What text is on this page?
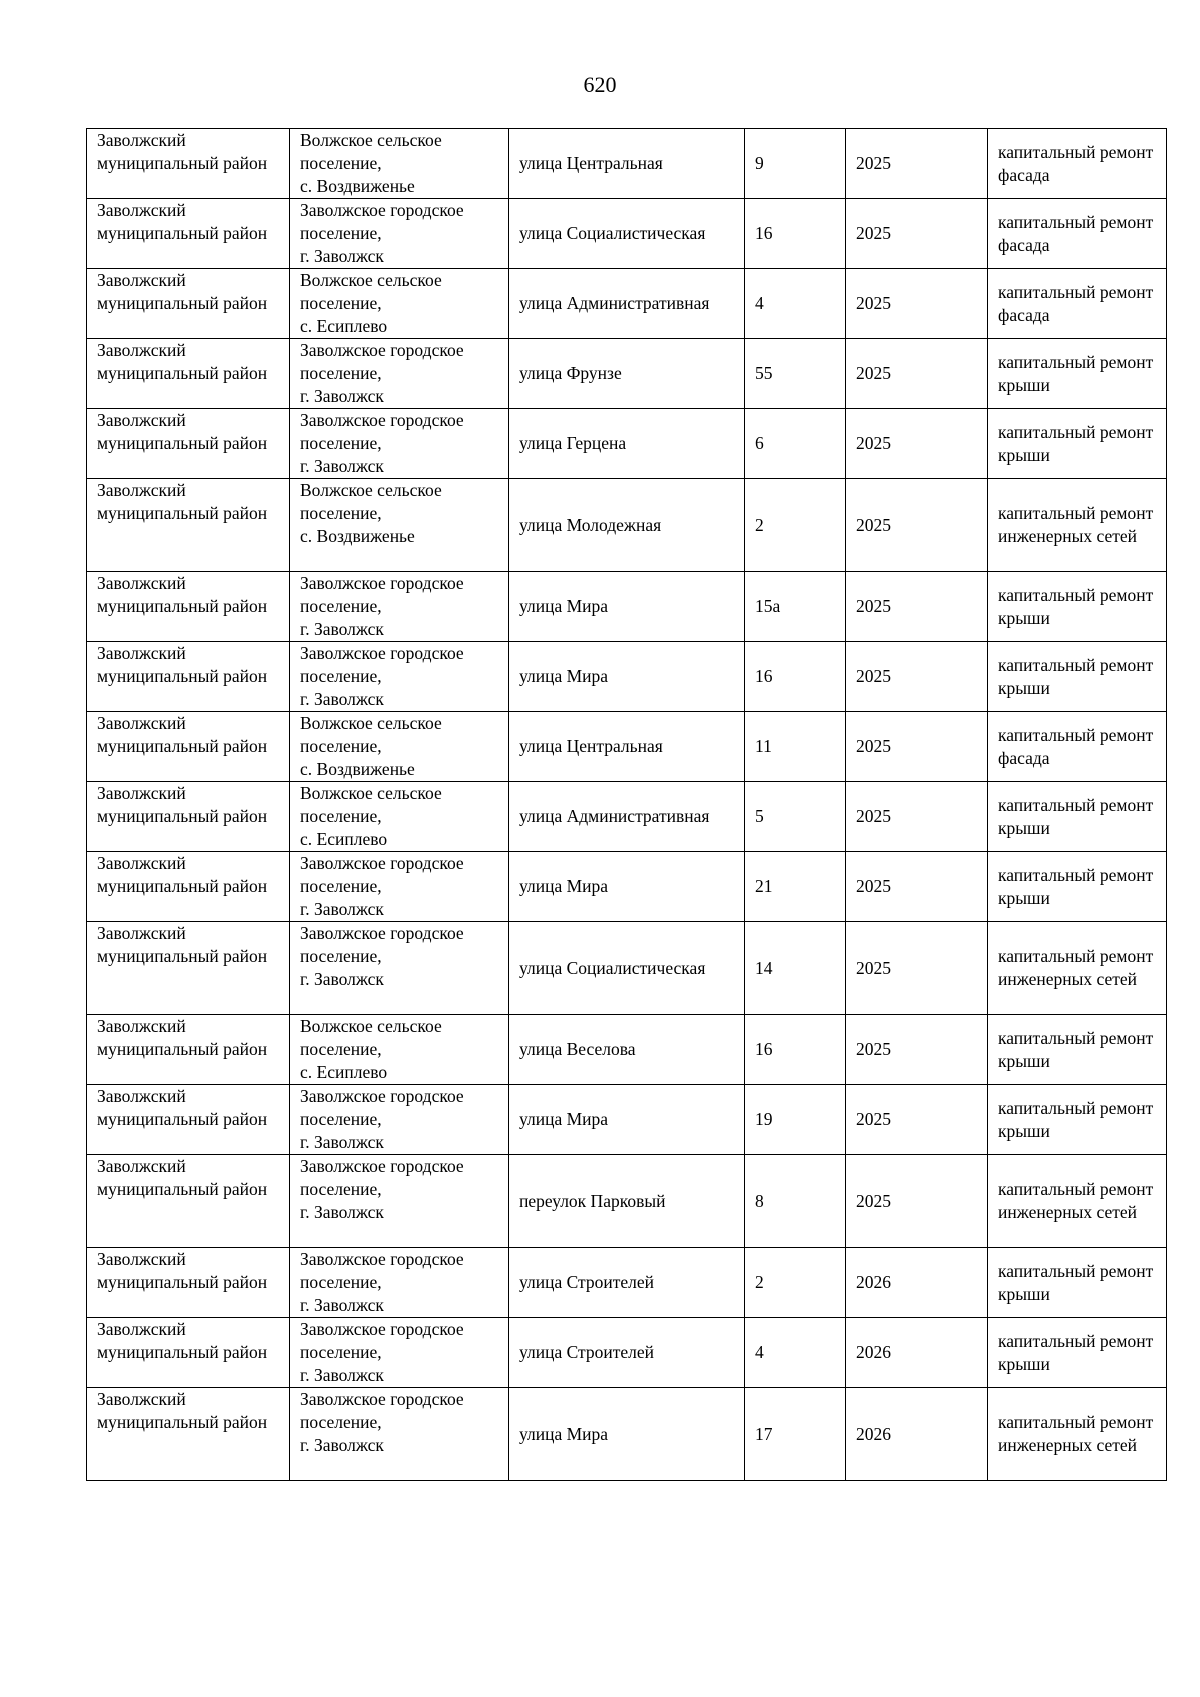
620
Заволжский муниципальный район	Волжское сельское поселение,
с. Воздвиженье	улица Центральная	9	2025	капитальный ремонт фасада
Заволжский муниципальный район	Заволжское городское поселение,
г. Заволжск	улица Социалистическая	16	2025	капитальный ремонт фасада
Заволжский муниципальный район	Волжское сельское поселение,
с. Есиплево	улица Административная	4	2025	капитальный ремонт фасада
Заволжский муниципальный район	Заволжское городское поселение,
г. Заволжск	улица Фрунзе	55	2025	капитальный ремонт крыши
Заволжский муниципальный район	Заволжское городское поселение,
г. Заволжск	улица Герцена	6	2025	капитальный ремонт крыши
Заволжский муниципальный район	Волжское сельское поселение,
с. Воздвиженье	улица Молодежная	2	2025	капитальный ремонт инженерных сетей
Заволжский муниципальный район	Заволжское городское поселение,
г. Заволжск	улица Мира	15а	2025	капитальный ремонт крыши
Заволжский муниципальный район	Заволжское городское поселение,
г. Заволжск	улица Мира	16	2025	капитальный ремонт крыши
Заволжский муниципальный район	Волжское сельское поселение,
с. Воздвиженье	улица Центральная	11	2025	капитальный ремонт фасада
Заволжский муниципальный район	Волжское сельское поселение,
с. Есиплево	улица Административная	5	2025	капитальный ремонт крыши
Заволжский муниципальный район	Заволжское городское поселение,
г. Заволжск	улица Мира	21	2025	капитальный ремонт крыши
Заволжский муниципальный район	Заволжское городское поселение,
г. Заволжск	улица Социалистическая	14	2025	капитальный ремонт инженерных сетей
Заволжский муниципальный район	Волжское сельское поселение,
с. Есиплево	улица Веселова	16	2025	капитальный ремонт крыши
Заволжский муниципальный район	Заволжское городское поселение,
г. Заволжск	улица Мира	19	2025	капитальный ремонт крыши
Заволжский муниципальный район	Заволжское городское поселение,
г. Заволжск	переулок Парковый	8	2025	капитальный ремонт инженерных сетей
Заволжский муниципальный район	Заволжское городское поселение,
г. Заволжск	улица Строителей	2	2026	капитальный ремонт крыши
Заволжский муниципальный район	Заволжское городское поселение,
г. Заволжск	улица Строителей	4	2026	капитальный ремонт крыши
Заволжский муниципальный район	Заволжское городское поселение,
г. Заволжск	улица Мира	17	2026	капитальный ремонт инженерных сетей
